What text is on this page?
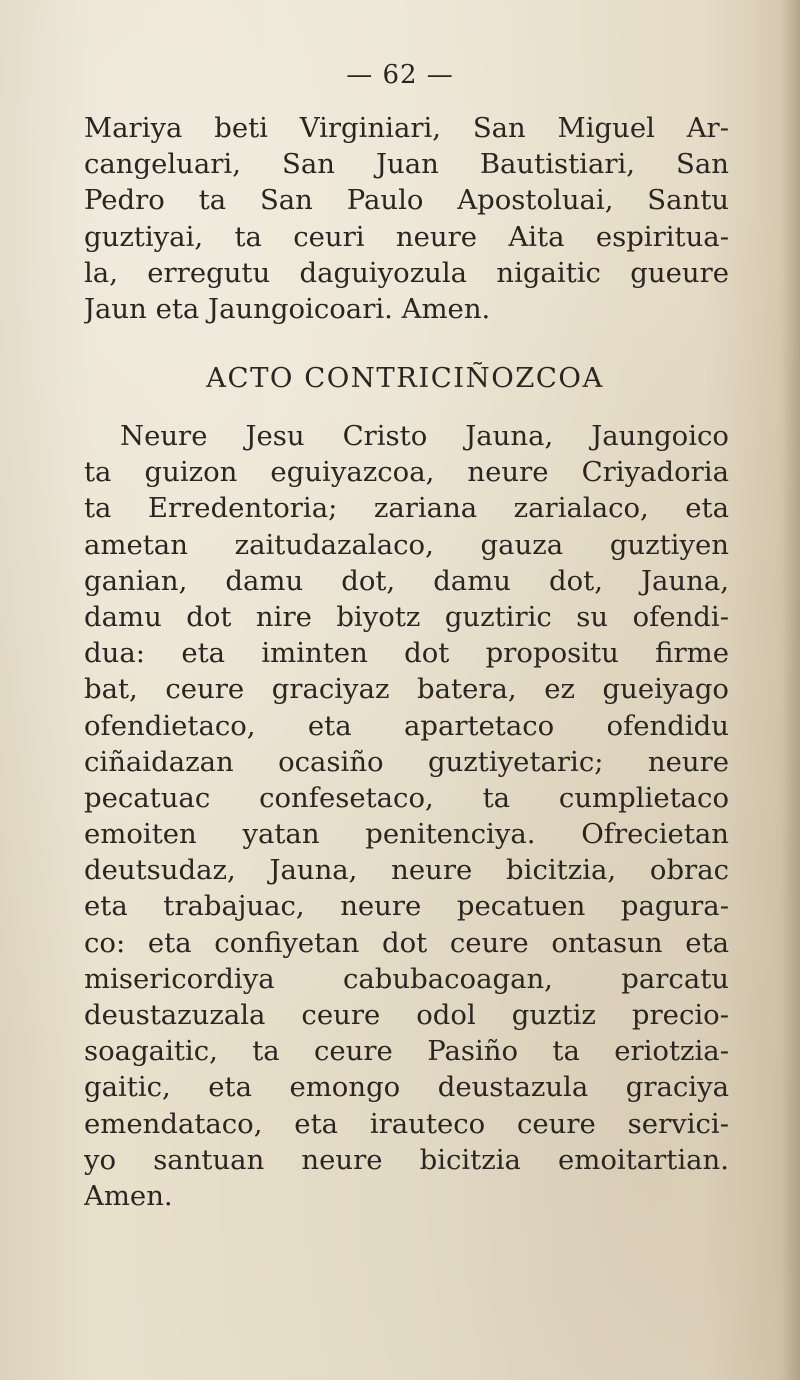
— 62 —
Mariya beti Virginiari, San Miguel Ar-
cangeluari, San Juan Bautistiari, San
Pedro ta San Paulo Apostoluai, Santu
guztiyai, ta ceuri neure Aita espiritua-
la, erregutu daguiyozula nigaitic gueure
Jaun eta Jaungoicoari. Amen.
ACTO CONTRICIÑOZCOA
Neure Jesu Cristo Jauna, Jaungoico
ta guizon eguiyazcoa, neure Criyadoria
ta Erredentoria; zariana zarialaco, eta
ametan zaitudazalaco, gauza guztiyen
ganian, damu dot, damu dot, Jauna,
damu dot nire biyotz guztiric su ofendi-
dua: eta iminten dot propositu firme
bat, ceure graciyaz batera, ez gueiyago
ofendietaco, eta apartetaco ofendidu
ciñaidazan ocasiño guztiyetaric; neure
pecatuac confesetaco, ta cumplietaco
emoiten yatan penitenciya. Ofrecietan
deutsudaz, Jauna, neure bicitzia, obrac
eta trabajuac, neure pecatuen pagura-
co: eta confiyetan dot ceure ontasun eta
misericordiya cabubacoagan, parcatu
deustazuzala ceure odol guztiz precio-
soagaitic, ta ceure Pasiño ta eriotzia-
gaitic, eta emongo deustazula graciya
emendataco, eta irauteco ceure servici-
yo santuan neure bicitzia emoitartian.
Amen.
